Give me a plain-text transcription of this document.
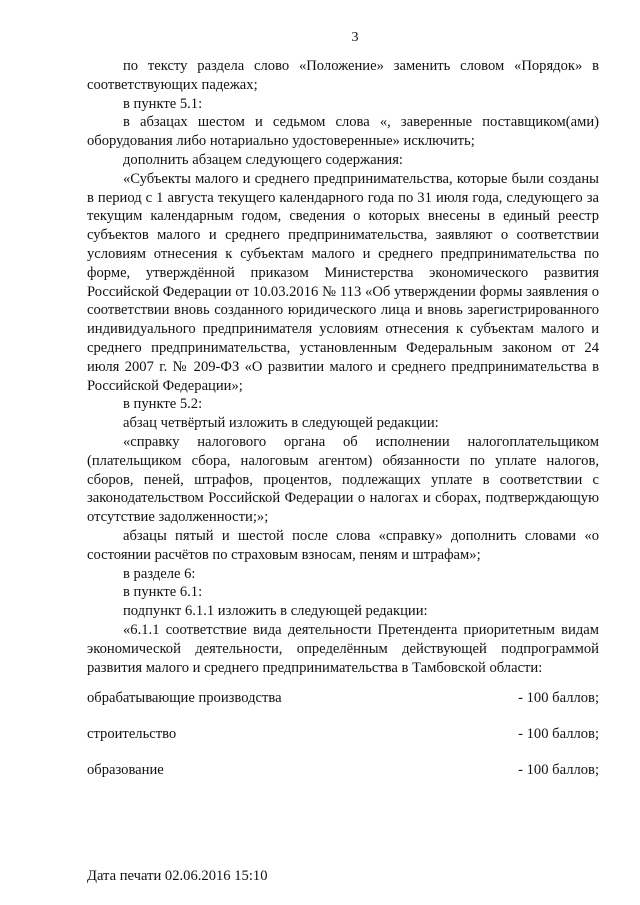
3

по тексту раздела слово «Положение» заменить словом «Порядок» в соответствующих падежах;

в пункте 5.1:

в абзацах шестом и седьмом слова «, заверенные поставщиком(ами) оборудования либо нотариально удостоверенные» исключить;

дополнить абзацем следующего содержания:

«Субъекты малого и среднего предпринимательства, которые были созданы в период с 1 августа текущего календарного года по 31 июля года, следующего за текущим календарным годом, сведения о которых внесены в единый реестр субъектов малого и среднего предпринимательства, заявляют о соответствии условиям отнесения к субъектам малого и среднего предпринимательства по форме, утверждённой приказом Министерства экономического развития Российской Федерации от 10.03.2016 № 113 «Об утверждении формы заявления о соответствии вновь созданного юридического лица и вновь зарегистрированного индивидуального предпринимателя условиям отнесения к субъектам малого и среднего предпринимательства, установленным Федеральным законом от 24 июля 2007 г. № 209-ФЗ «О развитии малого и среднего предпринимательства в Российской Федерации»;

в пункте 5.2:

абзац четвёртый изложить в следующей редакции:

«справку налогового органа об исполнении налогоплательщиком (плательщиком сбора, налоговым агентом) обязанности по уплате налогов, сборов, пеней, штрафов, процентов, подлежащих уплате в соответствии с законодательством Российской Федерации о налогах и сборах, подтверждающую отсутствие задолженности;»;

абзацы пятый и шестой после слова «справку» дополнить словами «о состоянии расчётов по страховым взносам, пеням и штрафам»;

в разделе 6:

в пункте 6.1:

подпункт 6.1.1 изложить в следующей редакции:

«6.1.1 соответствие вида деятельности Претендента приоритетным видам экономической деятельности, определённым действующей подпрограммой развития малого и среднего предпринимательства в Тамбовской области:

обрабатывающие производства	- 100 баллов;
строительство	- 100 баллов;
образование	- 100 баллов;
Дата печати 02.06.2016 15:10
